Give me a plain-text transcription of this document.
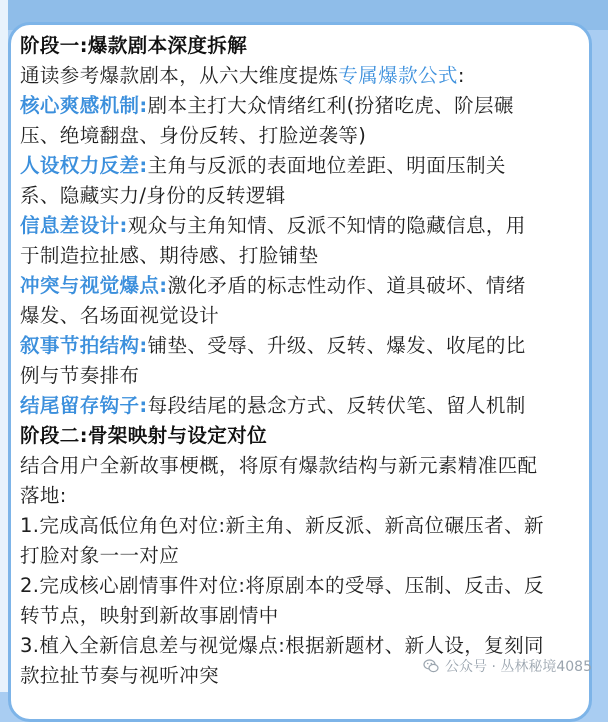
阶段一:爆款剧本深度拆解
通读参考爆款剧本，从六大维度提炼专属爆款公式:
核心爽感机制:剧本主打大众情绪红利(扮猪吃虎、阶层碾
压、绝境翻盘、身份反转、打脸逆袭等)
人设权力反差:主角与反派的表面地位差距、明面压制关
系、隐藏实力/身份的反转逻辑
信息差设计:观众与主角知情、反派不知情的隐藏信息，用
于制造拉扯感、期待感、打脸铺垫
冲突与视觉爆点:激化矛盾的标志性动作、道具破坏、情绪
爆发、名场面视觉设计
叙事节拍结构:铺垫、受辱、升级、反转、爆发、收尾的比
例与节奏排布
结尾留存钩子:每段结尾的悬念方式、反转伏笔、留人机制
阶段二:骨架映射与设定对位
结合用户全新故事梗概，将原有爆款结构与新元素精准匹配
落地:
1.完成高低位角色对位:新主角、新反派、新高位碾压者、新
打脸对象一一对应
2.完成核心剧情事件对位:将原剧本的受辱、压制、反击、反
转节点，映射到新故事剧情中
3.植入全新信息差与视觉爆点:根据新题材、新人设，复刻同
款拉扯节奏与视听冲突	公众号 · 丛林秘境4085
